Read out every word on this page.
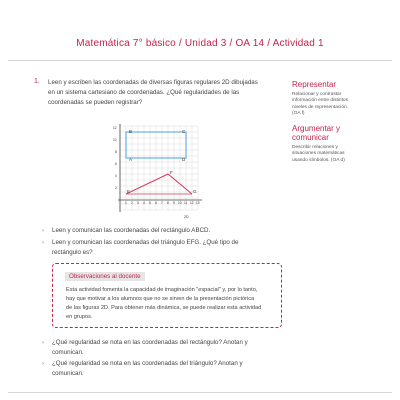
Matemática 7° básico / Unidad 3 / OA 14 / Actividad 1
1. Leen y escriben las coordenadas de diversas figuras regulares 2D dibujadas
en un sistema cartesiano de coordenadas. ¿Qué regularidades de las
coordenadas se pueden registrar?
Representar
Relacionar y contrastar
información entre distintos
niveles de representación.
(OA f)
Argumentar y
comunicar
Describir relaciones y
situaciones matemáticas
usando símbolos. (OA d)
B	C
A	D
F
E	G
1 2 3 4 5 6 7 8 9 10 11 12 13
2
4
6
8
10
12
2D
› Leen y comunican las coordenadas del rectángulo ABCD.
› Leen y comunican las coordenadas del triángulo EFG. ¿Qué tipo de
rectángulo es?
Observaciones al docente
Esta actividad fomenta la capacidad de imaginación "espacial" y, por lo tanto,
hay que motivar a los alumnos que no se sirven de la presentación pictórica
de las figuras 2D. Para obtener más dinámica, se puede realizar esta actividad
en grupos.
› ¿Qué regularidad se nota en las coordenadas del rectángulo? Anotan y
comunican.
› ¿Qué regularidad se nota en las coordenadas del triángulo? Anotan y
comunican.
